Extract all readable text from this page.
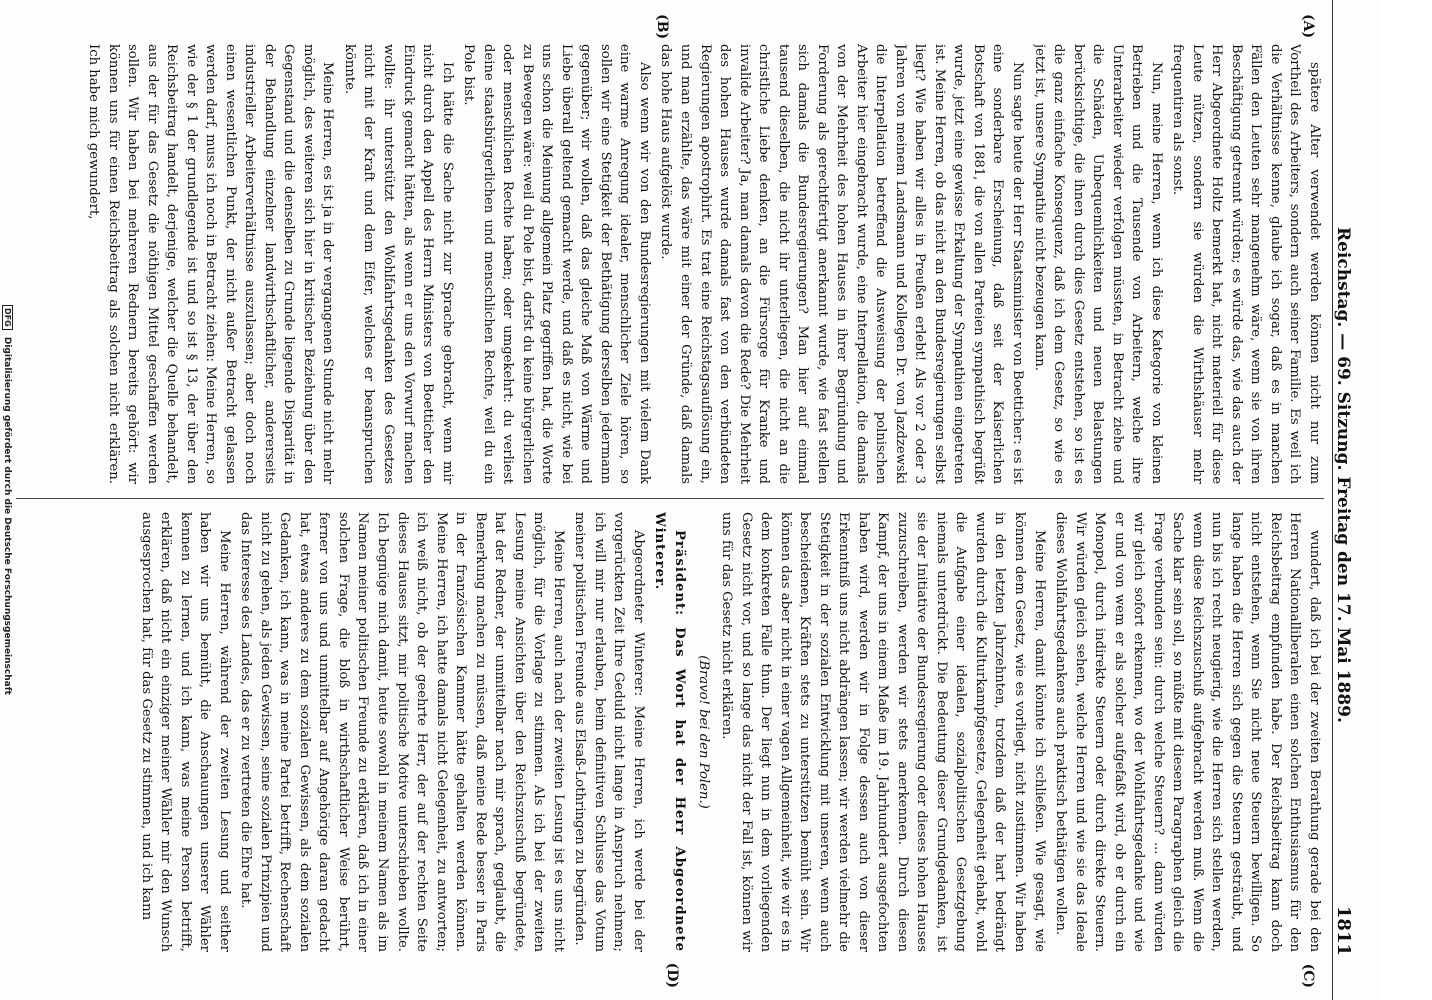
Reichstag. — 69. Sitzung. Freitag den 17. Mai 1889.
1811
(A)
(B)
(C)
(D)

spätere Alter verwendet werden können nicht nur zum Vortheil des Arbeiters, sondern auch seiner Familie. Es weil ich die Verhältnisse kenne, glaube ich sogar, daß es in manchen Fällen den Leuten sehr mangenehm wäre, wenn sie von ihren Beschäftigung getrennt würden; es würde das, wie das auch der Herr Abgeordnete Holtz bemerkt hat, nicht materiell für diese Leute nützen, sondern sie würden die Wirthshäuser mehr frequentiren als sonst.

Nun, meine Herren, wenn ich diese Kategorie von kleinen Betrieben und die Tausende von Arbeitern, welche ihre Unterarbeiter wieder verfolgen müssten, in Betracht ziehe und die Schäden, Unbequemlichkeiten und neuen Belastungen berücksichtige, die ihnen durch dies Gesetz entstehen, so ist es die ganz einfache Konsequenz, daß ich dem Gesetz, so wie es jetzt ist, unsere Sympathie nicht bezeugen kann.

Nun sagte heute der Herr Staatsminister von Boetticher: es ist eine sonderbare Erscheinung, daß seit der Kaiserlichen Botschaft von 1881, die von allen Parteien sympathisch begrüßt wurde, jetzt eine gewisse Erkaltung der Sympathien eingetreten ist. Meine Herren, ob das nicht an den Bundesregierungen selbst liegt? Wie haben wir alles in Preußen erlebt! Als vor 2 oder 3 Jahren von meinem Landsmann und Kollegen Dr. von Jazdzewski die Interpellation betreffend die Ausweisung der polnischen Arbeiter hier eingebracht wurde, eine Interpellation, die damals von der Mehrheit des hohen Hauses in ihrer Begründung und Forderung als gerechtfertigt anerkannt wurde, wie fast stellen sich damals die Bundesregierungen? Man hier auf einmal tausend dieselben, die nicht ihr unterliegen, die nicht an die christliche Liebe denken, an die Fürsorge für Kranke und invalide Arbeiter? Ja, man damals davon die Rede? Die Mehrheit des hohen Hauses wurde damals fast von den verbündeten Regierungen apostrophirt. Es trat eine Reichstagsauflösung ein, und man erzählte, das wäre mit einer der Gründe, daß damals das hohe Haus aufgelöst wurde.

Also wenn wir von den Bundesregierungen mit vielem Dank eine warme Anregung idealer, menschlicher Ziele hören, so sollen wir eine Stetigkeit der Bethätigung derselben jedermann gegenüber; wir wollen, daß das gleiche Maß von Wärme und Liebe überall geltend gemacht werde, und daß es nicht, wie bei uns schon die Meinung allgemein Platz gegriffen hat, die Worte zu Bewegen wäre: weil du Pole bist, darfst du keine bürgerlichen oder menschlichen Rechte haben; oder umgekehrt: du verliest deine staatsbürgerlichen und menschlichen Rechte, weil du ein Pole bist.

Ich hätte die Sache nicht zur Sprache gebracht, wenn mir nicht durch den Appell des Herrn Ministers von Boetticher den Eindruck gemacht hätten, als wenn er uns den Vorwurf machen wollte: ihr unterstützt den Wohlfahrtsgedanken des Gesetzes nicht mit der Kraft und dem Eifer, welches er beanspruchen könnte.

Meine Herren, es ist ja in der vergangenen Stunde nicht mehr möglich, des weiteren sich hier in kritischer Beziehung über den Gegenstand und die denselben zu Grunde liegende Disparität in der Behandlung einzelner landwirthschaftlicher, andererseits industrieller Arbeiterverhältnisse auszulassen; aber doch noch einen wesentlichen Punkt, der nicht außer Betracht gelassen werden darf, muss ich noch in Betracht ziehen: Meine Herren, so wie der § 1 der grundlegende ist und so ist § 13, der über den Reichsbeitrag handelt, derjenige, welcher die Quelle behandelt, aus der für das Gesetz die nöthigen Mittel geschaffen werden sollen. Wir haben bei mehreren Rednern bereits gehört: wir können uns für einen Reichsbeitrag als solchen nicht erklären. Ich habe mich gewundert,

wundert, daß ich bei der zweiten Berathung gerade bei den Herren Nationalliberalen einen solchen Enthusiasmus für den Reichsbeitrag empfunden habe. Der Reichsbeitrag kann doch nicht entstehen, wenn Sie nicht neue Steuern bewilligen. So lange haben die Herren sich gegen die Steuern gesträubt, und nun bis ich recht neugierig, wie die Herren sich stellen werden, wenn diese Reichszuschuß aufgebracht werden muß. Wenn die Sache klar sein soll, so müßte mit diesem Paragraphen gleich die Frage verbunden sein: durch welche Steuern? ... dann würden wir gleich sofort erkennen, wo der Wohlfahrtsgedanke und wie er und von wem er als solcher aufgefaßt wird, ob er durch ein Monopol, durch indirekte Steuern oder durch direkte Steuern. Wir würden gleich sehen, welche Herren und wie sie das Ideale dieses Wohlfahrtsgedankens auch praktisch bethätigen wollen.

Meine Herren, damit könnte ich schließen. Wie gesagt, wie können dem Gesetz, wie es vorliegt, nicht zustimmen. Wir haben in den letzten Jahrzehnten, trotzdem daß der hart bedrängt wurden durch die Kulturkampfgesetze, Gelegenheit gehabt, wohl die Aufgabe einer idealen, sozialpolitischen Gesetzgebung niemals unterdrückt. Die Bedeutung dieser Grundgedanken, ist sie der Initiative der Bundesregierung oder dieses hohen Hauses zuzuschreiben, werden wir stets anerkennen. Durch diesen Kampf, der uns in einem Maße im 19. Jahrhundert ausgefochten haben wird, werden wir in Folge dessen auch von dieser Erkenntniß uns nicht abdrängen lassen; wir werden vielmehr die Stetigkeit in der sozialen Entwicklung mit unseren, wenn auch bescheidenen, Kräften stets zu unterstützen bemüht sein. Wir können das aber nicht in einer vagen Allgemeinheit, wie wir es in dem konkreten Falle thun. Der liegt nun in dem vorliegenden Gesetz nicht vor, und so lange das nicht der Fall ist, können wir uns für das Gesetz nicht erklären.

(Bravo! bei den Polen.)

Präsident: Das Wort hat der Herr Abgeordnete Winterer.

Abgeordneter Winterer: Meine Herren, ich werde bei der vorgerückten Zeit Ihre Geduld nicht lange in Anspruch nehmen; ich will mir nur erlauben, beim definitiven Schlusse das Votum meiner politischen Freunde aus Elsaß-Lothringen zu begründen.

Meine Herren, auch nach der zweiten Lesung ist es uns nicht möglich, für die Vorlage zu stimmen. Als ich bei der zweiten Lesung meine Ansichten über den Reichszuschuß begründete, hat der Redner, der unmittelbar nach mir sprach, geglaubt, die Bemerkung machen zu müssen, daß meine Rede besser in Paris in der französischen Kammer hätte gehalten werden können. Meine Herren, ich hatte damals nicht Gelegenheit, zu antworten; ich weiß nicht, ob der geehrte Herr, der auf der rechten Seite dieses Hauses sitzt, mir politische Motive unterschieben wollte. Ich begnüge mich damit, heute sowohl in meinem Namen als im Namen meiner politischen Freunde zu erklären, daß ich in einer solchen Frage, die bloß in wirthschaftlicher Weise berührt, ferner von uns und unmittelbar auf Angehörige daran gedacht hat, etwas anderes zu dem sozialen Gewissen, als dem sozialen Gedanken, ich kann, was in meine Partei betrifft, Rechenschaft nicht zu gehen, als jeden Gewissen, seine sozialen Prinzipien und das Interesse des Landes, das er zu vertreten die Ehre hat.

Meine Herren, während der zweiten Lesung und seither haben wir uns bemüht, die Anschauungen unserer Wähler kennen zu lernen, und ich kann, was meine Person betrifft, erklären, daß nicht ein einziger meiner Wähler mir den Wunsch ausgesprochen hat, für das Gesetz zu stimmen, und ich kann

DFG Digitalisierung gefördert durch die Deutsche Forschungsgemeinschaft
